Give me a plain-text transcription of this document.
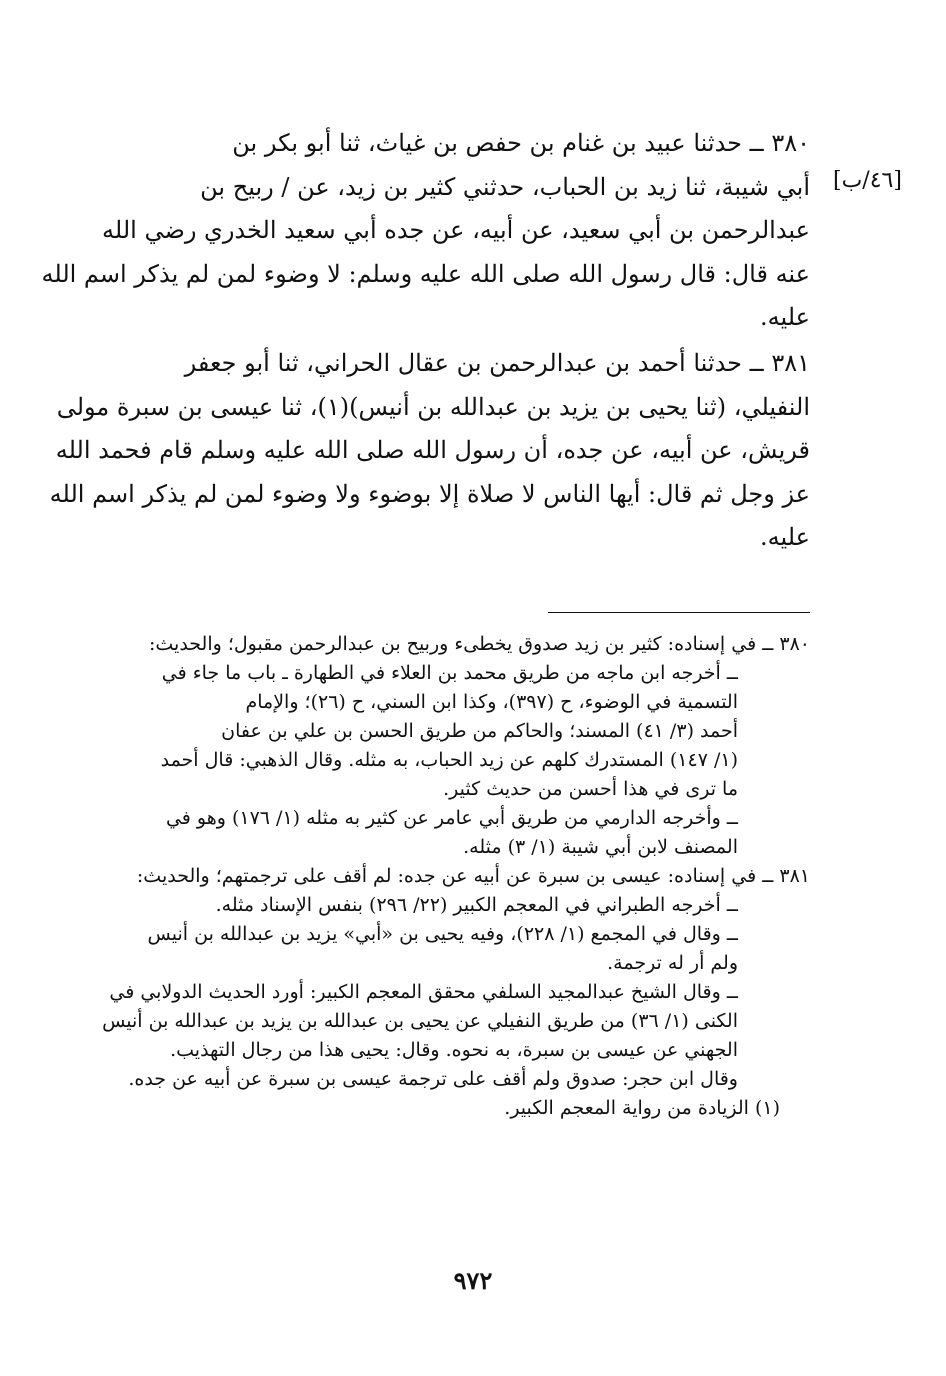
[٤٦/ب]
٣٨٠ ــ حدثنا عبيد بن غنام بن حفص بن غياث، ثنا أبو بكر بن
أبي شيبة، ثنا زيد بن الحباب، حدثني كثير بن زيد، عن / ربيح بن
عبدالرحمن بن أبي سعيد، عن أبيه، عن جده أبي سعيد الخدري رضي الله
عنه قال: قال رسول الله صلى الله عليه وسلم: لا وضوء لمن لم يذكر اسم الله
عليه.
٣٨١ ــ حدثنا أحمد بن عبدالرحمن بن عقال الحراني، ثنا أبو جعفر
النفيلي، (ثنا يحيى بن يزيد بن عبدالله بن أنيس)(١)، ثنا عيسى بن سبرة مولى
قريش، عن أبيه، عن جده، أن رسول الله صلى الله عليه وسلم قام فحمد الله
عز وجل ثم قال: أيها الناس لا صلاة إلا بوضوء ولا وضوء لمن لم يذكر اسم الله
عليه.
٣٨٠ ــ في إسناده: كثير بن زيد صدوق يخطىء وربيح بن عبدالرحمن مقبول؛ والحديث:
ــ أخرجه ابن ماجه من طريق محمد بن العلاء في الطهارة ـ باب ما جاء في
التسمية في الوضوء، ح (٣٩٧)، وكذا ابن السني، ح (٢٦)؛ والإمام
أحمد (٣/ ٤١) المسند؛ والحاكم من طريق الحسن بن علي بن عفان
(١/ ١٤٧) المستدرك كلهم عن زيد الحباب، به مثله. وقال الذهبي: قال أحمد
ما ترى في هذا أحسن من حديث كثير.
ــ وأخرجه الدارمي من طريق أبي عامر عن كثير به مثله (١/ ١٧٦) وهو في
المصنف لابن أبي شيبة (١/ ٣) مثله.
٣٨١ ــ في إسناده: عيسى بن سبرة عن أبيه عن جده: لم أقف على ترجمتهم؛ والحديث:
ــ أخرجه الطبراني في المعجم الكبير (٢٢/ ٢٩٦) بنفس الإسناد مثله.
ــ وقال في المجمع (١/ ٢٢٨)، وفيه يحيى بن «أبي» يزيد بن عبدالله بن أنيس
ولم أر له ترجمة.
ــ وقال الشيخ عبدالمجيد السلفي محقق المعجم الكبير: أورد الحديث الدولابي في
الكنى (١/ ٣٦) من طريق النفيلي عن يحيى بن عبدالله بن يزيد بن عبدالله بن أنيس
الجهني عن عيسى بن سبرة، به نحوه. وقال: يحيى هذا من رجال التهذيب.
وقال ابن حجر: صدوق ولم أقف على ترجمة عيسى بن سبرة عن أبيه عن جده.
(١) الزيادة من رواية المعجم الكبير.
٩٧٢
